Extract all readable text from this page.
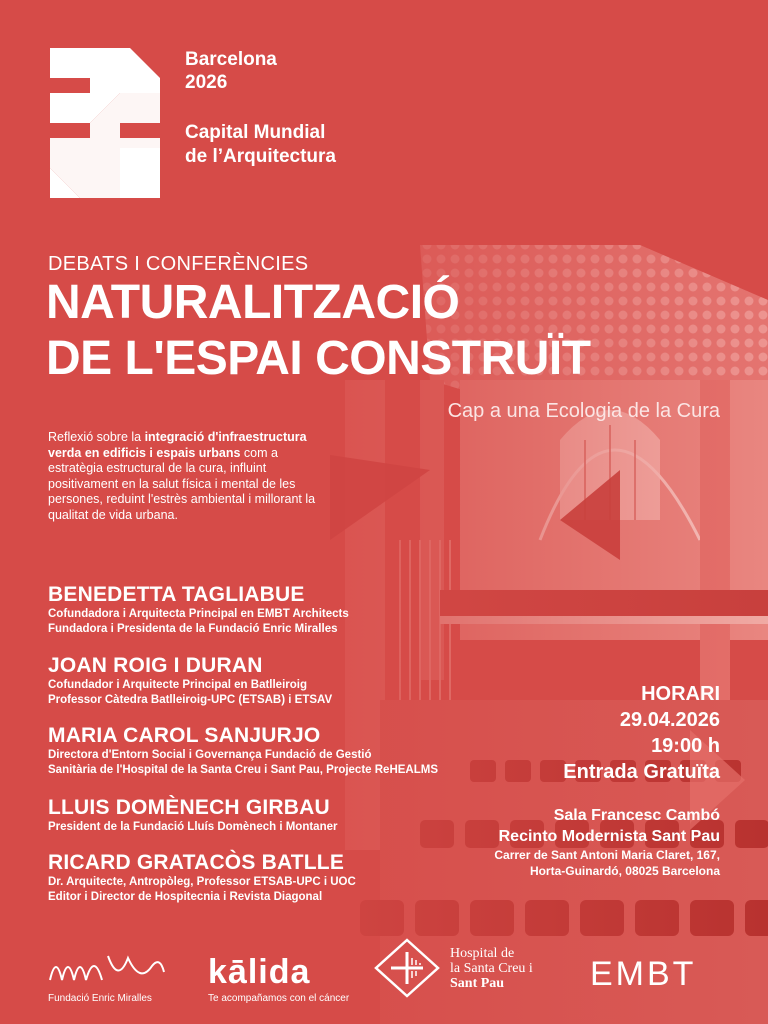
Barcelona
2026
Capital Mundial
de l’Arquitectura
DEBATS I CONFERÈNCIES
NATURALITZACIÓ
DE L'ESPAI CONSTRUÏT
Cap a una Ecologia de la Cura
Reflexió sobre la integració d'infraestructura verda en edificis i espais urbans com a estratègia estructural de la cura, influint positivament en la salut física i mental de les persones, reduint l'estrès ambiental i millorant la qualitat de vida urbana.
BENEDETTA TAGLIABUE
Cofundadora i Arquitecta Principal en EMBT Architects
Fundadora i Presidenta de la Fundació Enric Miralles
JOAN ROIG I DURAN
Cofundador i Arquitecte Principal en Batlleiroig
Professor Càtedra Batlleiroig-UPC (ETSAB) i ETSAV
MARIA CAROL SANJURJO
Directora d'Entorn Social i Governança Fundació de Gestió
Sanitària de l'Hospital de la Santa Creu i Sant Pau, Projecte ReHEALMS
LLUIS DOMÈNECH GIRBAU
President de la Fundació Lluís Domènech i Montaner
RICARD GRATACÒS BATLLE
Dr. Arquitecte, Antropòleg, Professor ETSAB-UPC i UOC
Editor i Director de Hospitecnia i Revista Diagonal
HORARI
29.04.2026
19:00 h
Entrada Gratuïta
Sala Francesc Cambó
Recinto Modernista Sant Pau
Carrer de Sant Antoni Maria Claret, 167,
Horta-Guinardó, 08025 Barcelona
Fundació Enric Miralles
kālida
Te acompañamos con el cáncer
Hospital de
la Santa Creu i
Sant Pau	EMBT
